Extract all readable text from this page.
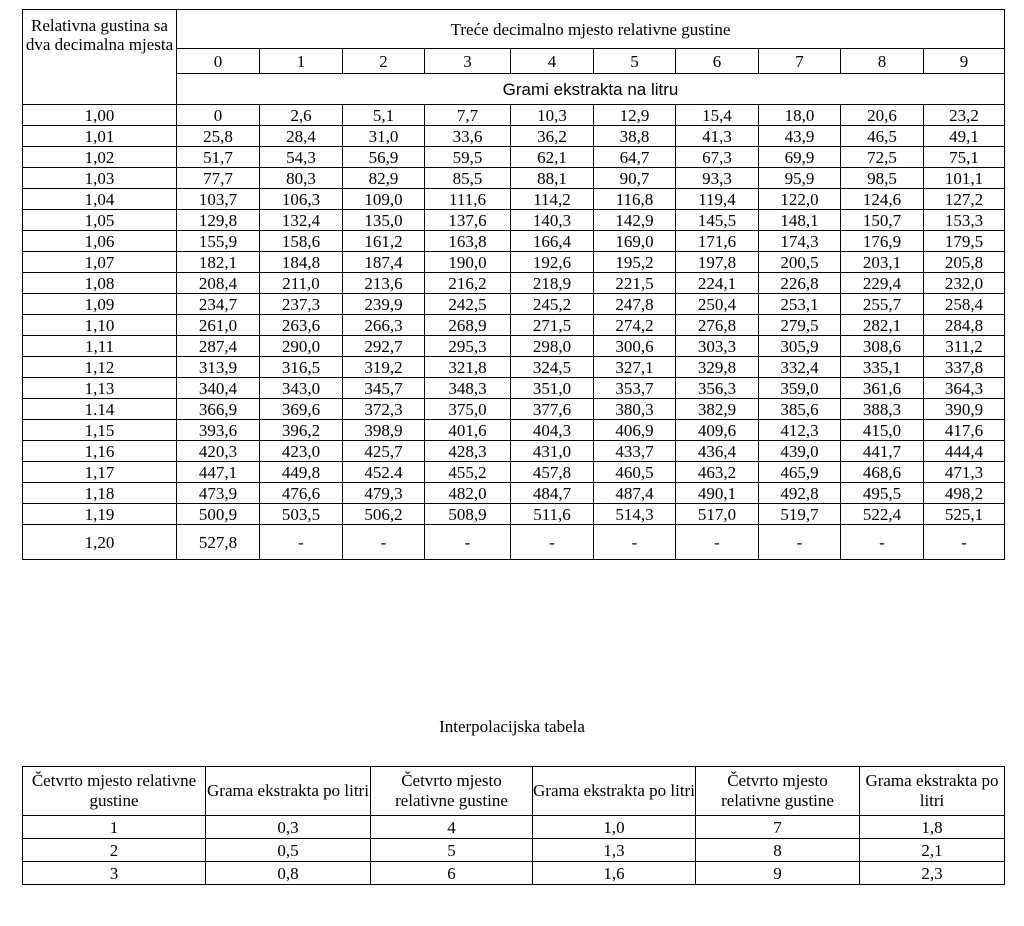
Relativna gustina sa dva decimalna mjesta	Treće decimalno mjesto relativne gustine									
	0	1	2	3	4	5	6	7	8	9
	Grami ekstrakta na litru									
1,00	0	2,6	5,1	7,7	10,3	12,9	15,4	18,0	20,6	23,2
1,01	25,8	28,4	31,0	33,6	36,2	38,8	41,3	43,9	46,5	49,1
1,02	51,7	54,3	56,9	59,5	62,1	64,7	67,3	69,9	72,5	75,1
1,03	77,7	80,3	82,9	85,5	88,1	90,7	93,3	95,9	98,5	101,1
1,04	103,7	106,3	109,0	111,6	114,2	116,8	119,4	122,0	124,6	127,2
1,05	129,8	132,4	135,0	137,6	140,3	142,9	145,5	148,1	150,7	153,3
1,06	155,9	158,6	161,2	163,8	166,4	169,0	171,6	174,3	176,9	179,5
1,07	182,1	184,8	187,4	190,0	192,6	195,2	197,8	200,5	203,1	205,8
1,08	208,4	211,0	213,6	216,2	218,9	221,5	224,1	226,8	229,4	232,0
1,09	234,7	237,3	239,9	242,5	245,2	247,8	250,4	253,1	255,7	258,4
1,10	261,0	263,6	266,3	268,9	271,5	274,2	276,8	279,5	282,1	284,8
1,11	287,4	290,0	292,7	295,3	298,0	300,6	303,3	305,9	308,6	311,2
1,12	313,9	316,5	319,2	321,8	324,5	327,1	329,8	332,4	335,1	337,8
1,13	340,4	343,0	345,7	348,3	351,0	353,7	356,3	359,0	361,6	364,3
1.14	366,9	369,6	372,3	375,0	377,6	380,3	382,9	385,6	388,3	390,9
1,15	393,6	396,2	398,9	401,6	404,3	406,9	409,6	412,3	415,0	417,6
1,16	420,3	423,0	425,7	428,3	431,0	433,7	436,4	439,0	441,7	444,4
1,17	447,1	449,8	452.4	455,2	457,8	460,5	463,2	465,9	468,6	471,3
1,18	473,9	476,6	479,3	482,0	484,7	487,4	490,1	492,8	495,5	498,2
1,19	500,9	503,5	506,2	508,9	511,6	514,3	517,0	519,7	522,4	525,1
1,20	527,8	-	-	-	-	-	-	-	-	-
Interpolacijska tabela
Četvrto mjesto relativne gustine	Grama ekstrakta po litri	Četvrto mjesto relativne gustine	Grama ekstrakta po litri	Četvrto mjesto relativne gustine	Grama ekstrakta po litri
1	0,3	4	1,0	7	1,8
2	0,5	5	1,3	8	2,1
3	0,8	6	1,6	9	2,3
